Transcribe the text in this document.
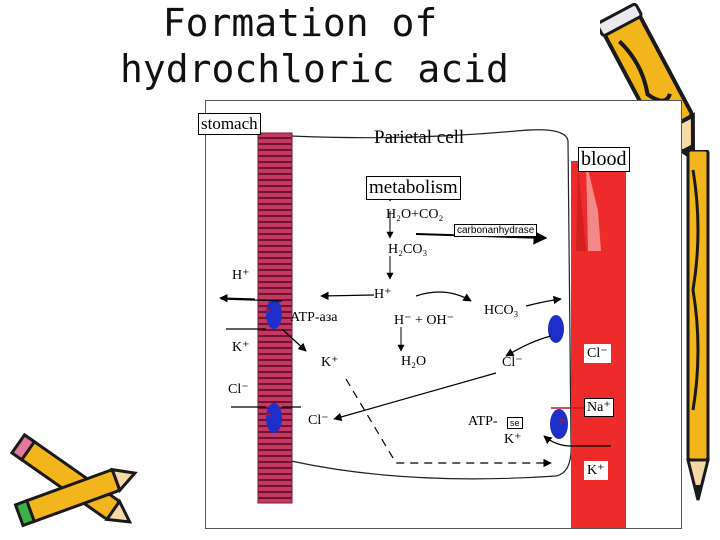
Formation of
hydrochloric acid
stomach
Parietal cell
blood
metabolism
H₂O+CO₂
carbonanhydrase
H₂CO₃
H⁺
H⁺
ATP-аза	H⁻ + OH⁻
HCO₃
K⁺
K⁺	H₂O	Cl⁻
Cl⁻
Cl⁻
Cl⁻	ATP-	se
Na⁺
K⁺
K⁺
+
+	+
